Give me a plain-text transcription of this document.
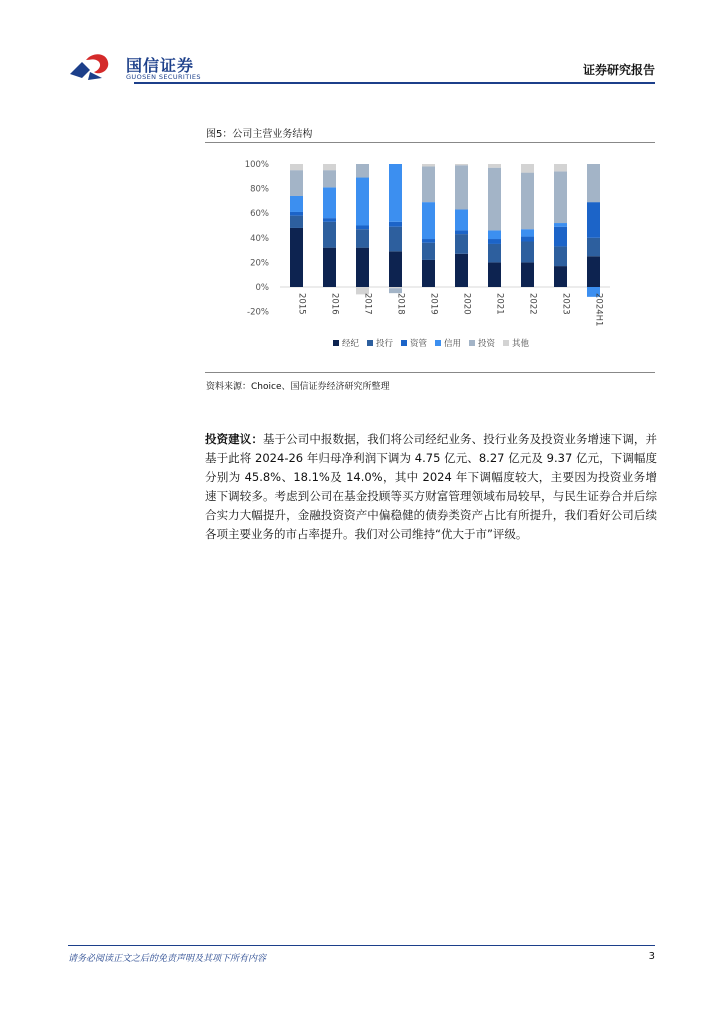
国信证券
GUOSEN SECURITIES	证券研究报告
图5：公司主营业务结构
-20%
0%
20%
40%
60%
80%
100%
2015	2016	2017	2018	2019	2020	2021	2022	2023	2024H1
经纪 投行 资管 信用 投资 其他
资料来源：Choice、国信证券经济研究所整理
投资建议：基于公司中报数据，我们将公司经纪业务、投行业务及投资业务增速下调，并基于此将 2024-26 年归母净利润下调为 4.75 亿元、8.27 亿元及 9.37 亿元，下调幅度分别为 45.8%、18.1%及 14.0%，其中 2024 年下调幅度较大，主要因为投资业务增速下调较多。考虑到公司在基金投顾等买方财富管理领域布局较早，与民生证券合并后综合实力大幅提升，金融投资资产中偏稳健的债券类资产占比有所提升，我们看好公司后续各项主要业务的市占率提升。我们对公司维持“优大于市”评级。
请务必阅读正文之后的免责声明及其项下所有内容	3
